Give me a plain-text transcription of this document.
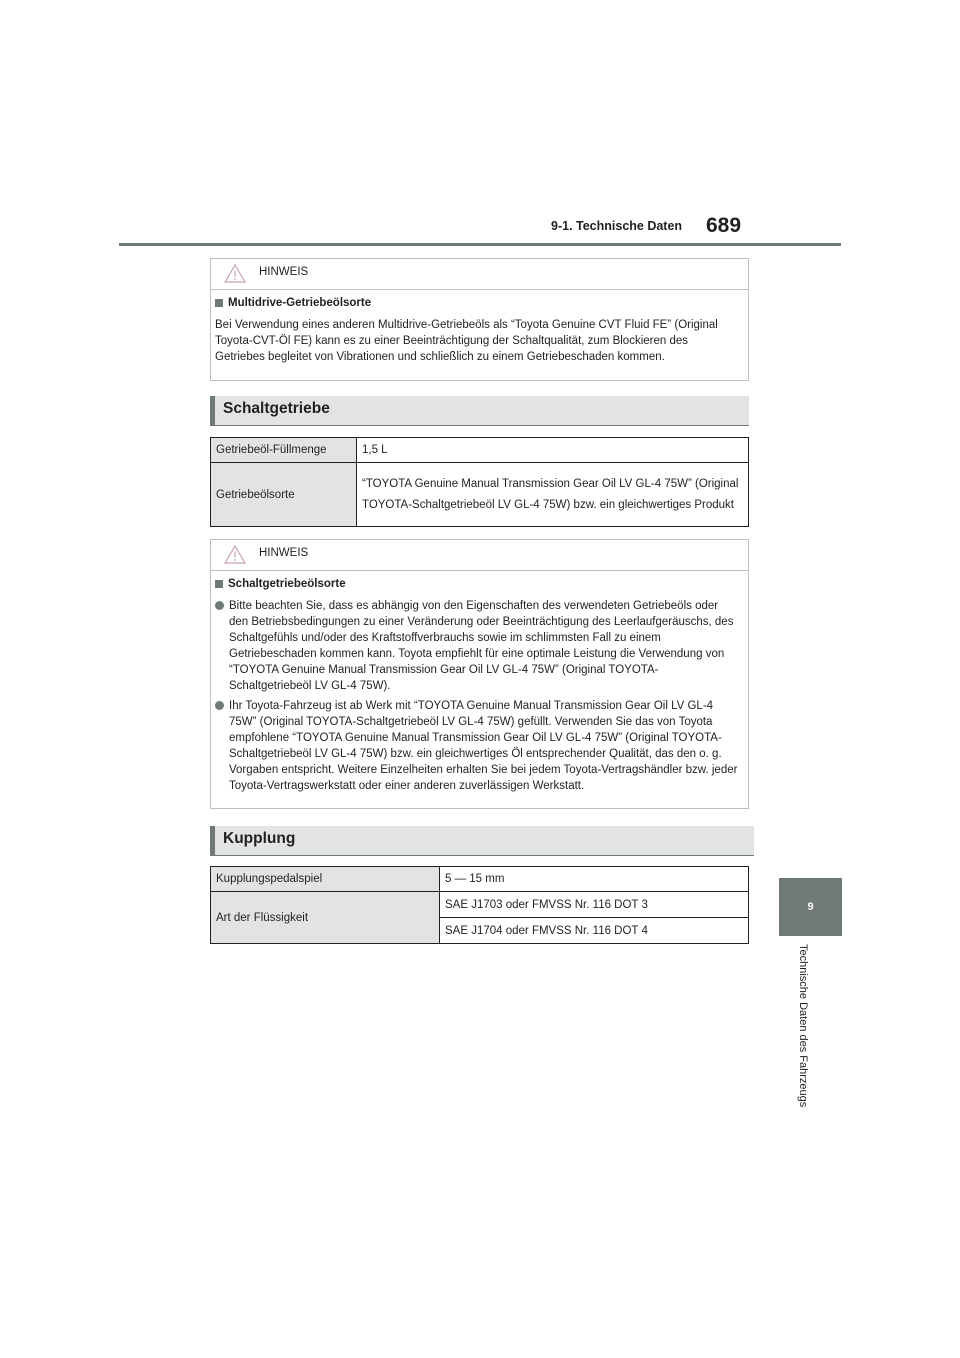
689
9-1. Technische Daten
9
Technische Daten des Fahrzeugs
HINWEIS
Multidrive-Getriebeölsorte

Bei Verwendung eines anderen Multidrive-Getriebeöls als “Toyota Genuine CVT Fluid FE” (Original Toyota-CVT-Öl FE) kann es zu einer Beeinträchtigung der Schaltqualität, zum Blockieren des Getriebes begleitet von Vibrationen und schließlich zu einem Getriebeschaden kommen.

Schaltgetriebe
Getriebeöl-Füllmenge	1,5 L
Getriebeölsorte	“TOYOTA Genuine Manual Transmission Gear Oil LV GL-4 75W” (Original TOYOTA-Schaltgetriebeöl LV GL-4 75W) bzw. ein gleichwertiges Produkt
HINWEIS
Schaltgetriebeölsorte
Bitte beachten Sie, dass es abhängig von den Eigenschaften des verwendeten Getriebeöls oder den Betriebsbedingungen zu einer Veränderung oder Beeinträchtigung des Leerlaufgeräuschs, des Schaltgefühls und/oder des Kraftstoffverbrauchs sowie im schlimmsten Fall zu einem Getriebeschaden kommen kann. Toyota empfiehlt für eine optimale Leistung die Verwendung von “TOYOTA Genuine Manual Transmission Gear Oil LV GL-4 75W” (Original TOYOTA-Schaltgetriebeöl LV GL-4 75W).
Ihr Toyota-Fahrzeug ist ab Werk mit “TOYOTA Genuine Manual Transmission Gear Oil LV GL-4 75W” (Original TOYOTA-Schaltgetriebeöl LV GL-4 75W) gefüllt. Verwenden Sie das von Toyota empfohlene “TOYOTA Genuine Manual Transmission Gear Oil LV GL-4 75W” (Original TOYOTA-Schaltgetriebeöl LV GL-4 75W) bzw. ein gleichwertiges Öl entsprechender Qualität, das den o. g. Vorgaben entspricht. Weitere Einzelheiten erhalten Sie bei jedem Toyota-Vertragshändler bzw. jeder Toyota-Vertragswerkstatt oder einer anderen zuverlässigen Werkstatt.
Kupplung
Kupplungspedalspiel	5 — 15 mm
Art der Flüssigkeit	SAE J1703 oder FMVSS Nr. 116 DOT 3
	SAE J1704 oder FMVSS Nr. 116 DOT 4
